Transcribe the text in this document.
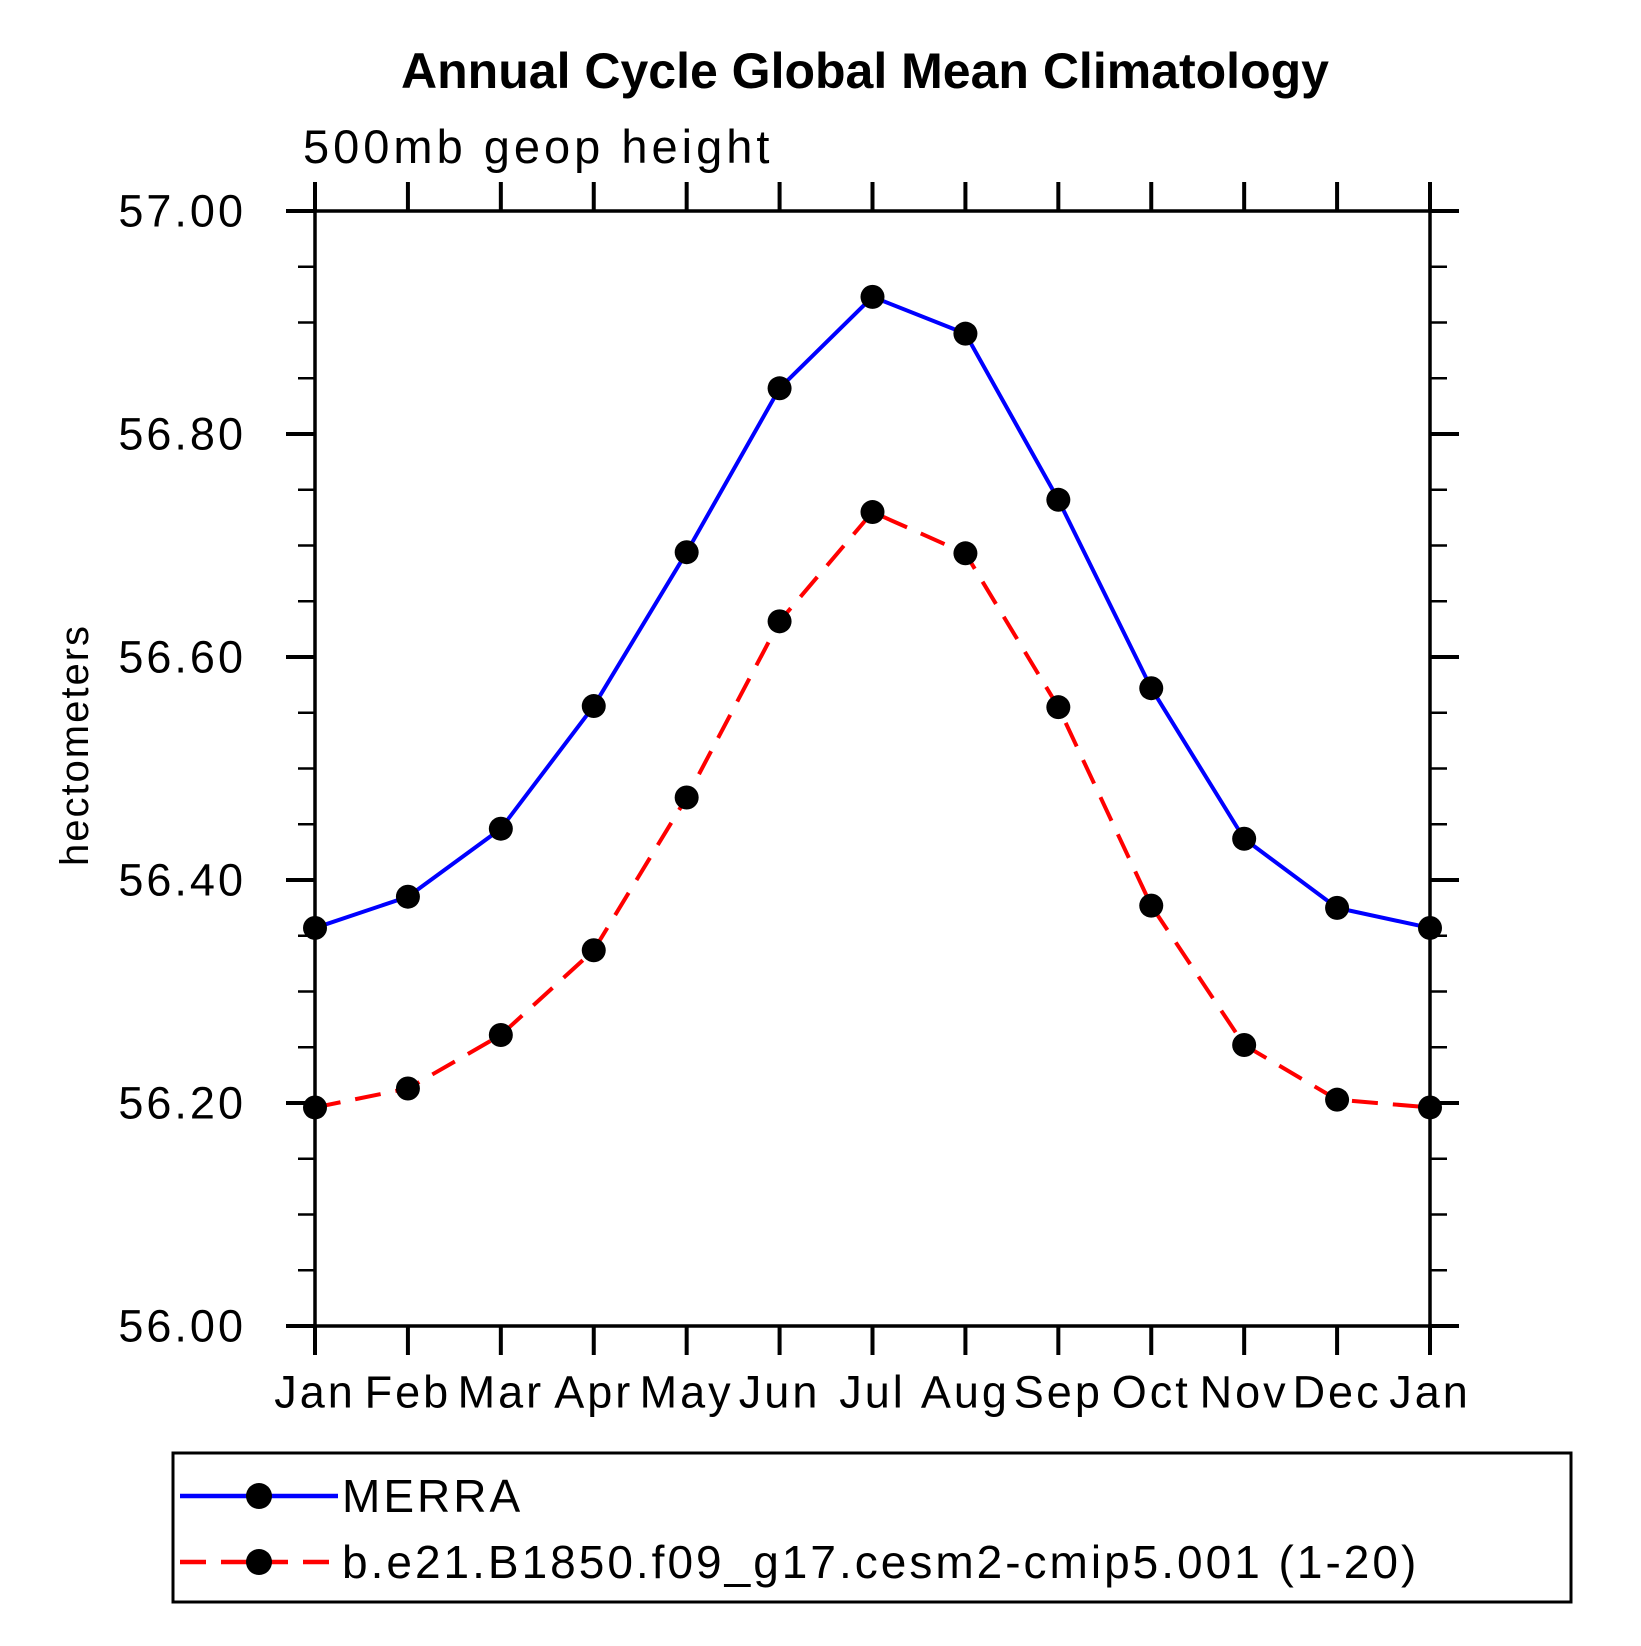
Annual Cycle Global Mean Climatology
500mb geop height
hectometers
57.00
56.80
56.60
56.40
56.20
56.00
Jan Feb Mar Apr May Jun Jul Aug Sep Oct Nov Dec Jan
MERRA
b.e21.B1850.f09_g17.cesm2-cmip5.001 (1-20)
